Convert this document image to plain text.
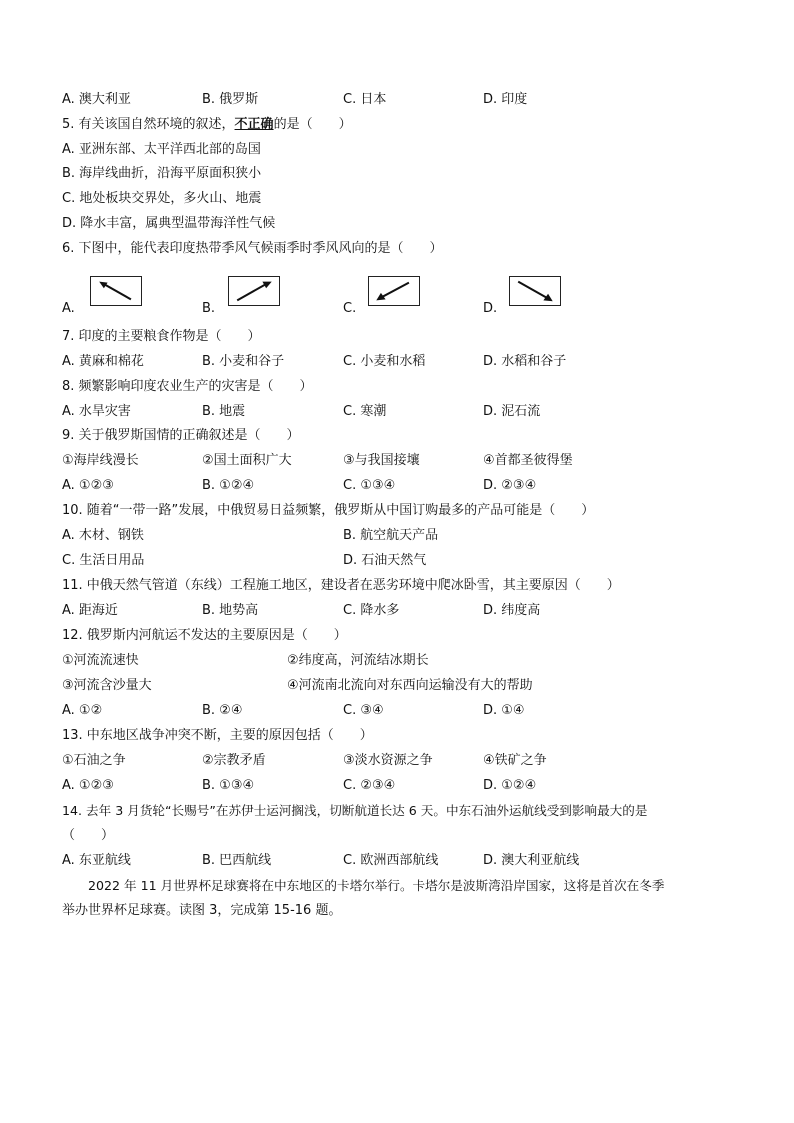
A. 澳大利亚	B. 俄罗斯	C. 日本	D. 印度
5. 有关该国自然环境的叙述，不正确的是（　　）
A. 亚洲东部、太平洋西北部的岛国
B. 海岸线曲折，沿海平原面积狭小
C. 地处板块交界处，多火山、地震
D. 降水丰富，属典型温带海洋性气候
6. 下图中，能代表印度热带季风气候雨季时季风风向的是（　　）
A.	B.	C.	D.
7. 印度的主要粮食作物是（　　）
A. 黄麻和棉花	B. 小麦和谷子	C. 小麦和水稻	D. 水稻和谷子
8. 频繁影响印度农业生产的灾害是（　　）
A. 水旱灾害	B. 地震	C. 寒潮	D. 泥石流
9. 关于俄罗斯国情的正确叙述是（　　）
①海岸线漫长	②国土面积广大	③与我国接壤	④首都圣彼得堡
A. ①②③	B. ①②④	C. ①③④	D. ②③④
10. 随着“一带一路”发展，中俄贸易日益频繁，俄罗斯从中国订购最多的产品可能是（　　）
A. 木材、钢铁	B. 航空航天产品
C. 生活日用品	D. 石油天然气
11. 中俄天然气管道（东线）工程施工地区，建设者在恶劣环境中爬冰卧雪，其主要原因（　　）
A. 距海近	B. 地势高	C. 降水多	D. 纬度高
12. 俄罗斯内河航运不发达的主要原因是（　　）
①河流流速快	②纬度高，河流结冰期长
③河流含沙量大	④河流南北流向对东西向运输没有大的帮助
A. ①②	B. ②④	C. ③④	D. ①④
13. 中东地区战争冲突不断，主要的原因包括（　　）
①石油之争	②宗教矛盾	③淡水资源之争	④铁矿之争
A. ①②③	B. ①③④	C. ②③④	D. ①②④
14. 去年 3 月货轮“长赐号”在苏伊士运河搁浅，切断航道长达 6 天。中东石油外运航线受到影响最大的是
（　　）
A. 东亚航线	B. 巴西航线	C. 欧洲西部航线	D. 澳大利亚航线
2022 年 11 月世界杯足球赛将在中东地区的卡塔尔举行。卡塔尔是波斯湾沿岸国家，这将是首次在冬季
举办世界杯足球赛。读图 3，完成第 15-16 题。
